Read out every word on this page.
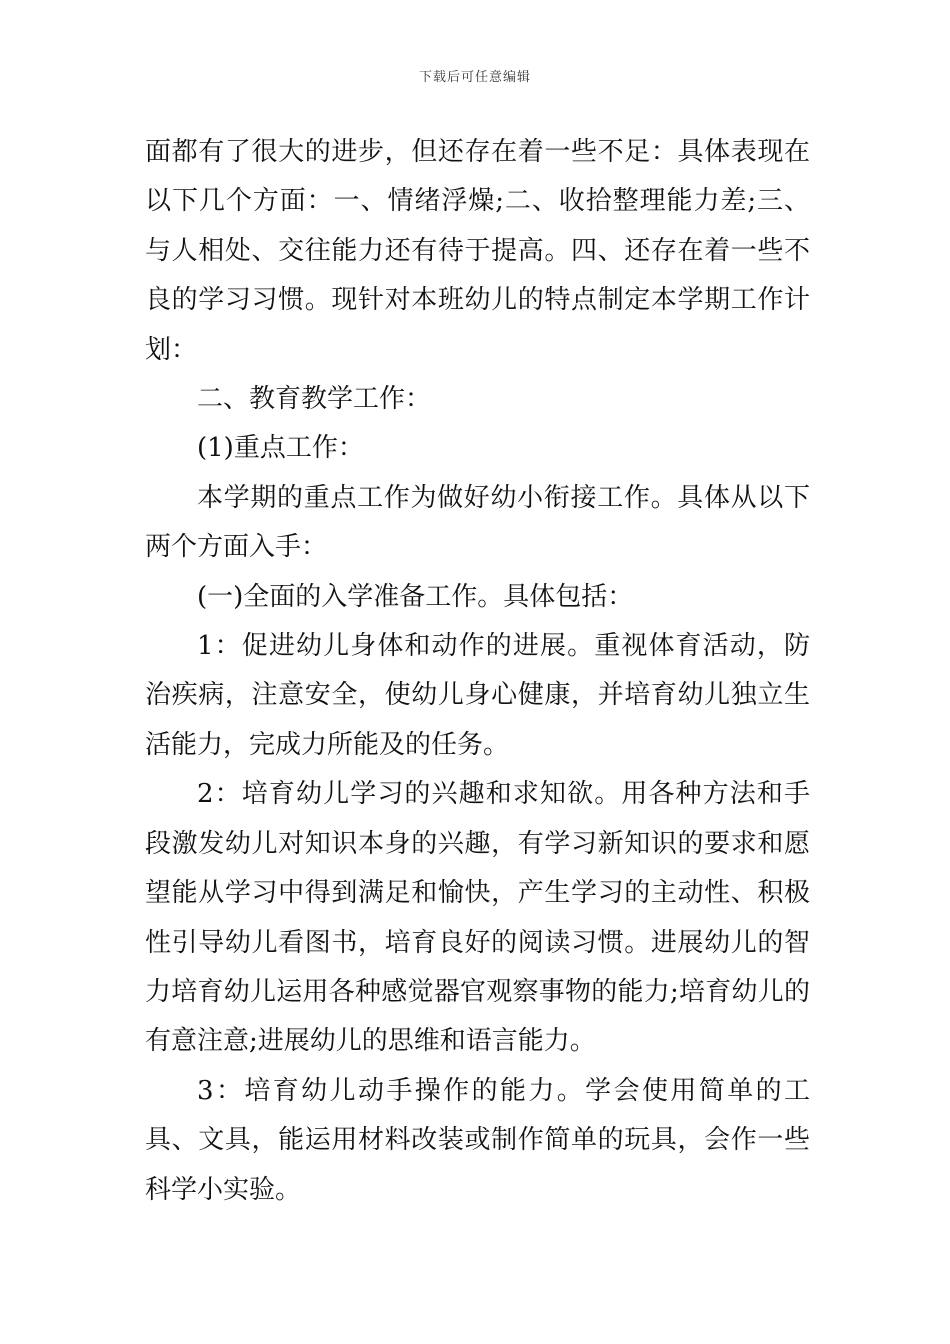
下载后可任意编辑

面都有了很大的进步，但还存在着一些不足：具体表现在以下几个方面：一、情绪浮燥;二、收拾整理能力差;三、与人相处、交往能力还有待于提高。四、还存在着一些不良的学习习惯。现针对本班幼儿的特点制定本学期工作计划：

二、教育教学工作：

(1)重点工作：

本学期的重点工作为做好幼小衔接工作。具体从以下两个方面入手：

(一)全面的入学准备工作。具体包括：

1：促进幼儿身体和动作的进展。重视体育活动，防治疾病，注意安全，使幼儿身心健康，并培育幼儿独立生活能力，完成力所能及的任务。

2：培育幼儿学习的兴趣和求知欲。用各种方法和手段激发幼儿对知识本身的兴趣，有学习新知识的要求和愿望能从学习中得到满足和愉快，产生学习的主动性、积极性引导幼儿看图书，培育良好的阅读习惯。进展幼儿的智力培育幼儿运用各种感觉器官观察事物的能力;培育幼儿的有意注意;进展幼儿的思维和语言能力。

3：培育幼儿动手操作的能力。学会使用简单的工具、文具，能运用材料改装或制作简单的玩具，会作一些科学小实验。
